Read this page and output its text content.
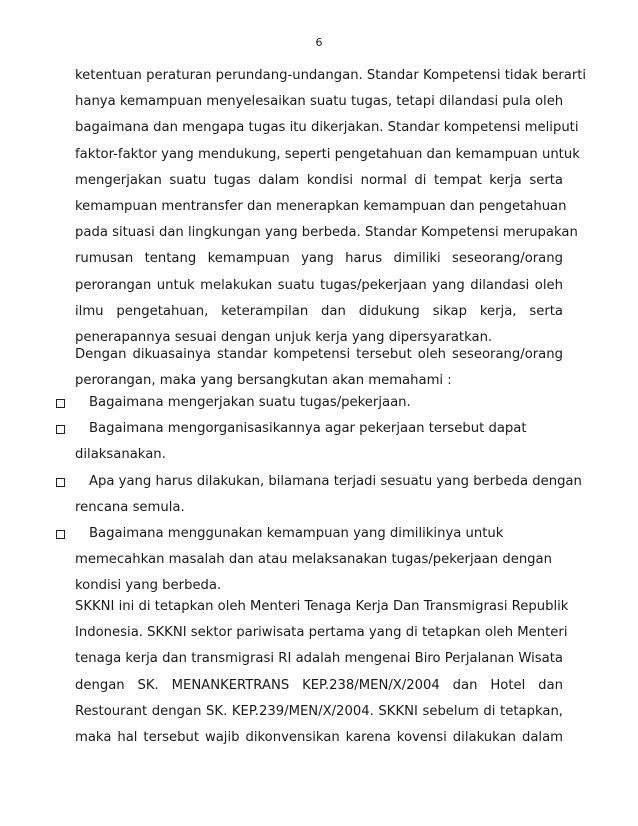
6
ketentuan peraturan perundang-undangan. Standar Kompetensi tidak berarti
hanya kemampuan menyelesaikan suatu tugas, tetapi dilandasi pula oleh
bagaimana dan mengapa tugas itu dikerjakan. Standar kompetensi meliputi
faktor-faktor yang mendukung, seperti pengetahuan dan kemampuan untuk
mengerjakan suatu tugas dalam kondisi normal di tempat kerja serta
kemampuan mentransfer dan menerapkan kemampuan dan pengetahuan
pada situasi dan lingkungan yang berbeda. Standar Kompetensi merupakan
rumusan tentang kemampuan yang harus dimiliki seseorang/orang
perorangan untuk melakukan suatu tugas/pekerjaan yang dilandasi oleh
ilmu pengetahuan, keterampilan dan didukung sikap kerja, serta
penerapannya sesuai dengan unjuk kerja yang dipersyaratkan.
Dengan dikuasainya standar kompetensi tersebut oleh seseorang/orang
perorangan, maka yang bersangkutan akan memahami :
Bagaimana mengerjakan suatu tugas/pekerjaan.
Bagaimana mengorganisasikannya agar pekerjaan tersebut dapat
dilaksanakan.
Apa yang harus dilakukan, bilamana terjadi sesuatu yang berbeda dengan
rencana semula.
Bagaimana menggunakan kemampuan yang dimilikinya untuk
memecahkan masalah dan atau melaksanakan tugas/pekerjaan dengan
kondisi yang berbeda.
SKKNI ini di tetapkan oleh Menteri Tenaga Kerja Dan Transmigrasi Republik
Indonesia. SKKNI sektor pariwisata pertama yang di tetapkan oleh Menteri
tenaga kerja dan transmigrasi RI adalah mengenai Biro Perjalanan Wisata
dengan SK. MENANKERTRANS KEP.238/MEN/X/2004 dan Hotel dan
Restourant dengan SK. KEP.239/MEN/X/2004. SKKNI sebelum di tetapkan,
maka hal tersebut wajib dikonvensikan karena kovensi dilakukan dalam
